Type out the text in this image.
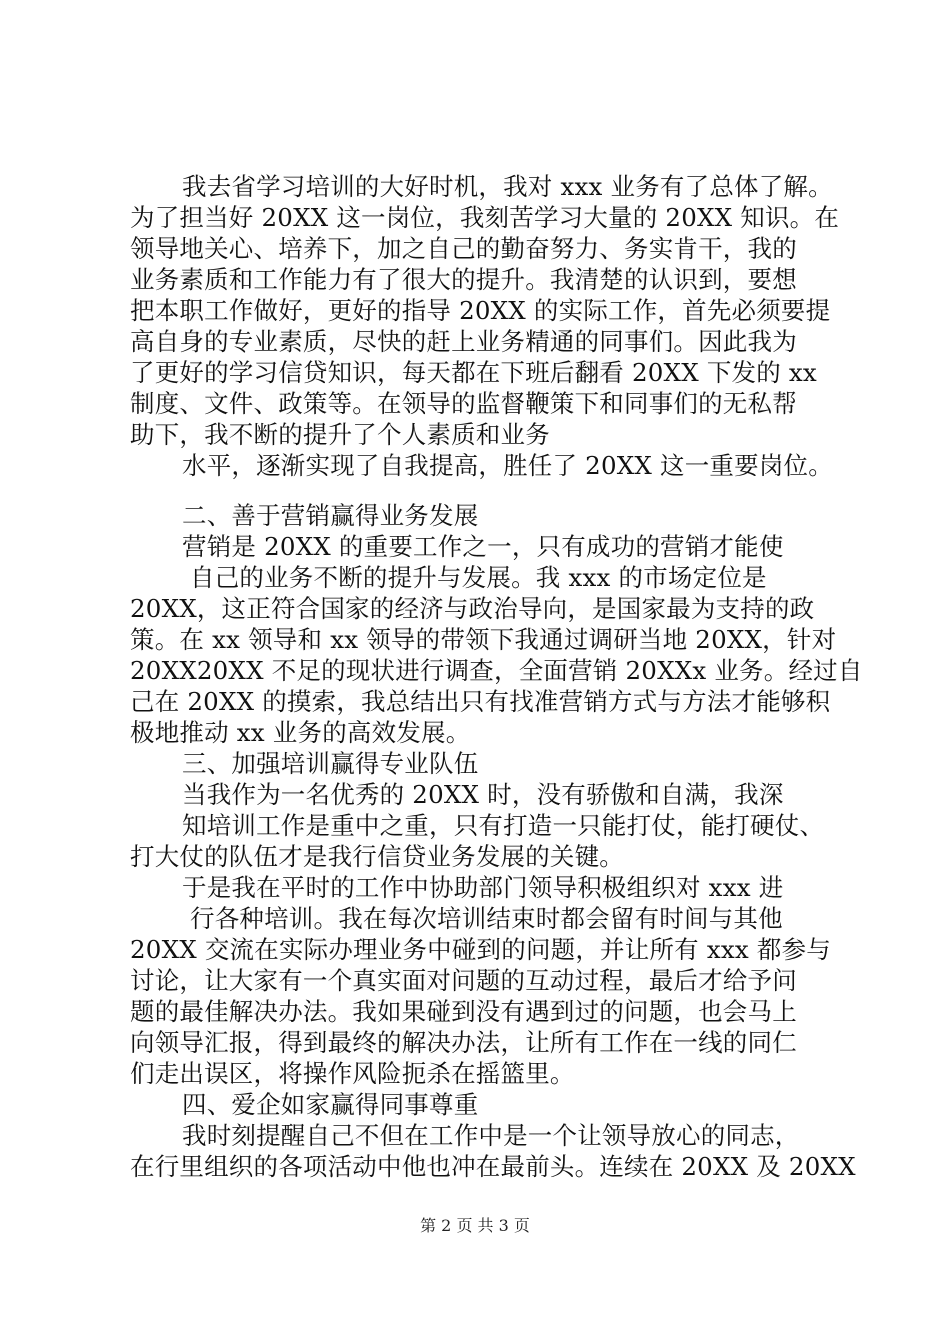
我去省学习培训的大好时机，我对 xxx 业务有了总体了解。
为了担当好 20XX 这一岗位，我刻苦学习大量的 20XX 知识。在
领导地关心、培养下，加之自己的勤奋努力、务实肯干，我的
业务素质和工作能力有了很大的提升。我清楚的认识到，要想
把本职工作做好，更好的指导 20XX 的实际工作，首先必须要提
高自身的专业素质，尽快的赶上业务精通的同事们。因此我为
了更好的学习信贷知识，每天都在下班后翻看 20XX 下发的 xx
制度、文件、政策等。在领导的监督鞭策下和同事们的无私帮
助下，我不断的提升了个人素质和业务
水平，逐渐实现了自我提高，胜任了 20XX 这一重要岗位。
二、善于营销赢得业务发展
营销是 20XX 的重要工作之一，只有成功的营销才能使
自己的业务不断的提升与发展。我 xxx 的市场定位是
20XX，这正符合国家的经济与政治导向，是国家最为支持的政
策。在 xx 领导和 xx 领导的带领下我通过调研当地 20XX，针对
20XX20XX 不足的现状进行调查，全面营销 20XXx 业务。经过自
己在 20XX 的摸索，我总结出只有找准营销方式与方法才能够积
极地推动 xx 业务的高效发展。
三、加强培训赢得专业队伍
当我作为一名优秀的 20XX 时，没有骄傲和自满，我深
知培训工作是重中之重，只有打造一只能打仗，能打硬仗、
打大仗的队伍才是我行信贷业务发展的关键。
于是我在平时的工作中协助部门领导积极组织对 xxx 进
行各种培训。我在每次培训结束时都会留有时间与其他
20XX 交流在实际办理业务中碰到的问题，并让所有 xxx 都参与
讨论，让大家有一个真实面对问题的互动过程，最后才给予问
题的最佳解决办法。我如果碰到没有遇到过的问题，也会马上
向领导汇报，得到最终的解决办法，让所有工作在一线的同仁
们走出误区，将操作风险扼杀在摇篮里。
四、爱企如家赢得同事尊重
我时刻提醒自己不但在工作中是一个让领导放心的同志，
在行里组织的各项活动中他也冲在最前头。连续在 20XX 及 20XX
第 2 页 共 3 页
